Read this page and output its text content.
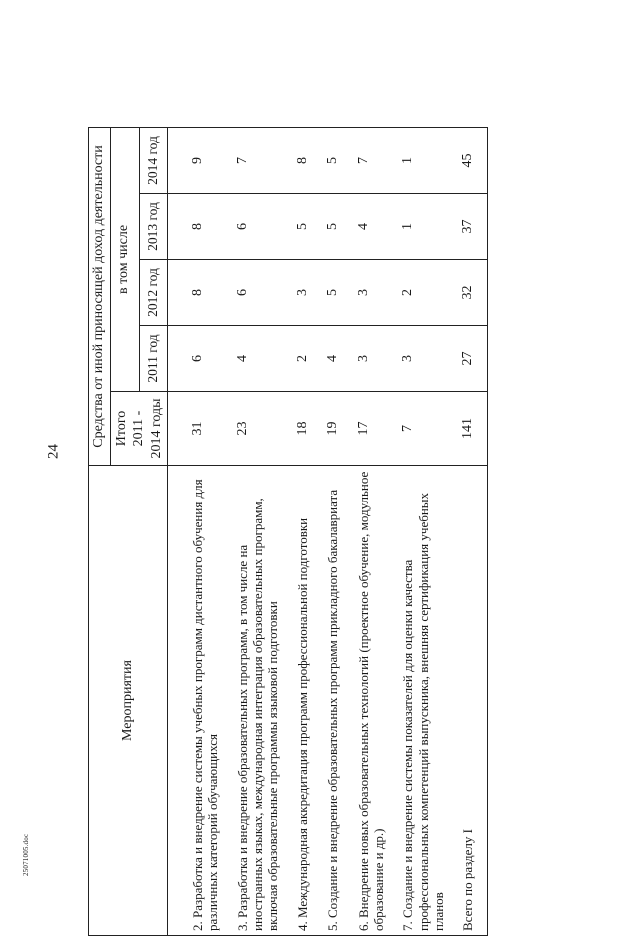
24
Мероприятия	Средства от иной приносящей доход деятельности				
	Итого 2011 - 2014 годы	в том числе			
		2011 год	2012 год	2013 год	2014 год
2. Разработка и внедрение системы учебных программ дистантного обучения для различных категорий обучающихся	31	6	8	8	9
3. Разработка и внедрение образовательных программ, в том числе на иностранных языках, международная интеграция образовательных программ, включая образовательные программы языковой подготовки	23	4	6	6	7
4. Международная аккредитация программ профессиональной подготовки	18	2	3	5	8
5. Создание и внедрение образовательных программ прикладного бакалавриата	19	4	5	5	5
6. Внедрение новых образовательных технологий (проектное обучение, модульное образование и др.)	17	3	3	4	7
7. Создание и внедрение системы показателей для оценки качества профессиональных компетенций выпускника, внешняя сертификация учебных планов	7	3	2	1	1
Всего по разделу I	141	27	32	37	45
25071005.doc
